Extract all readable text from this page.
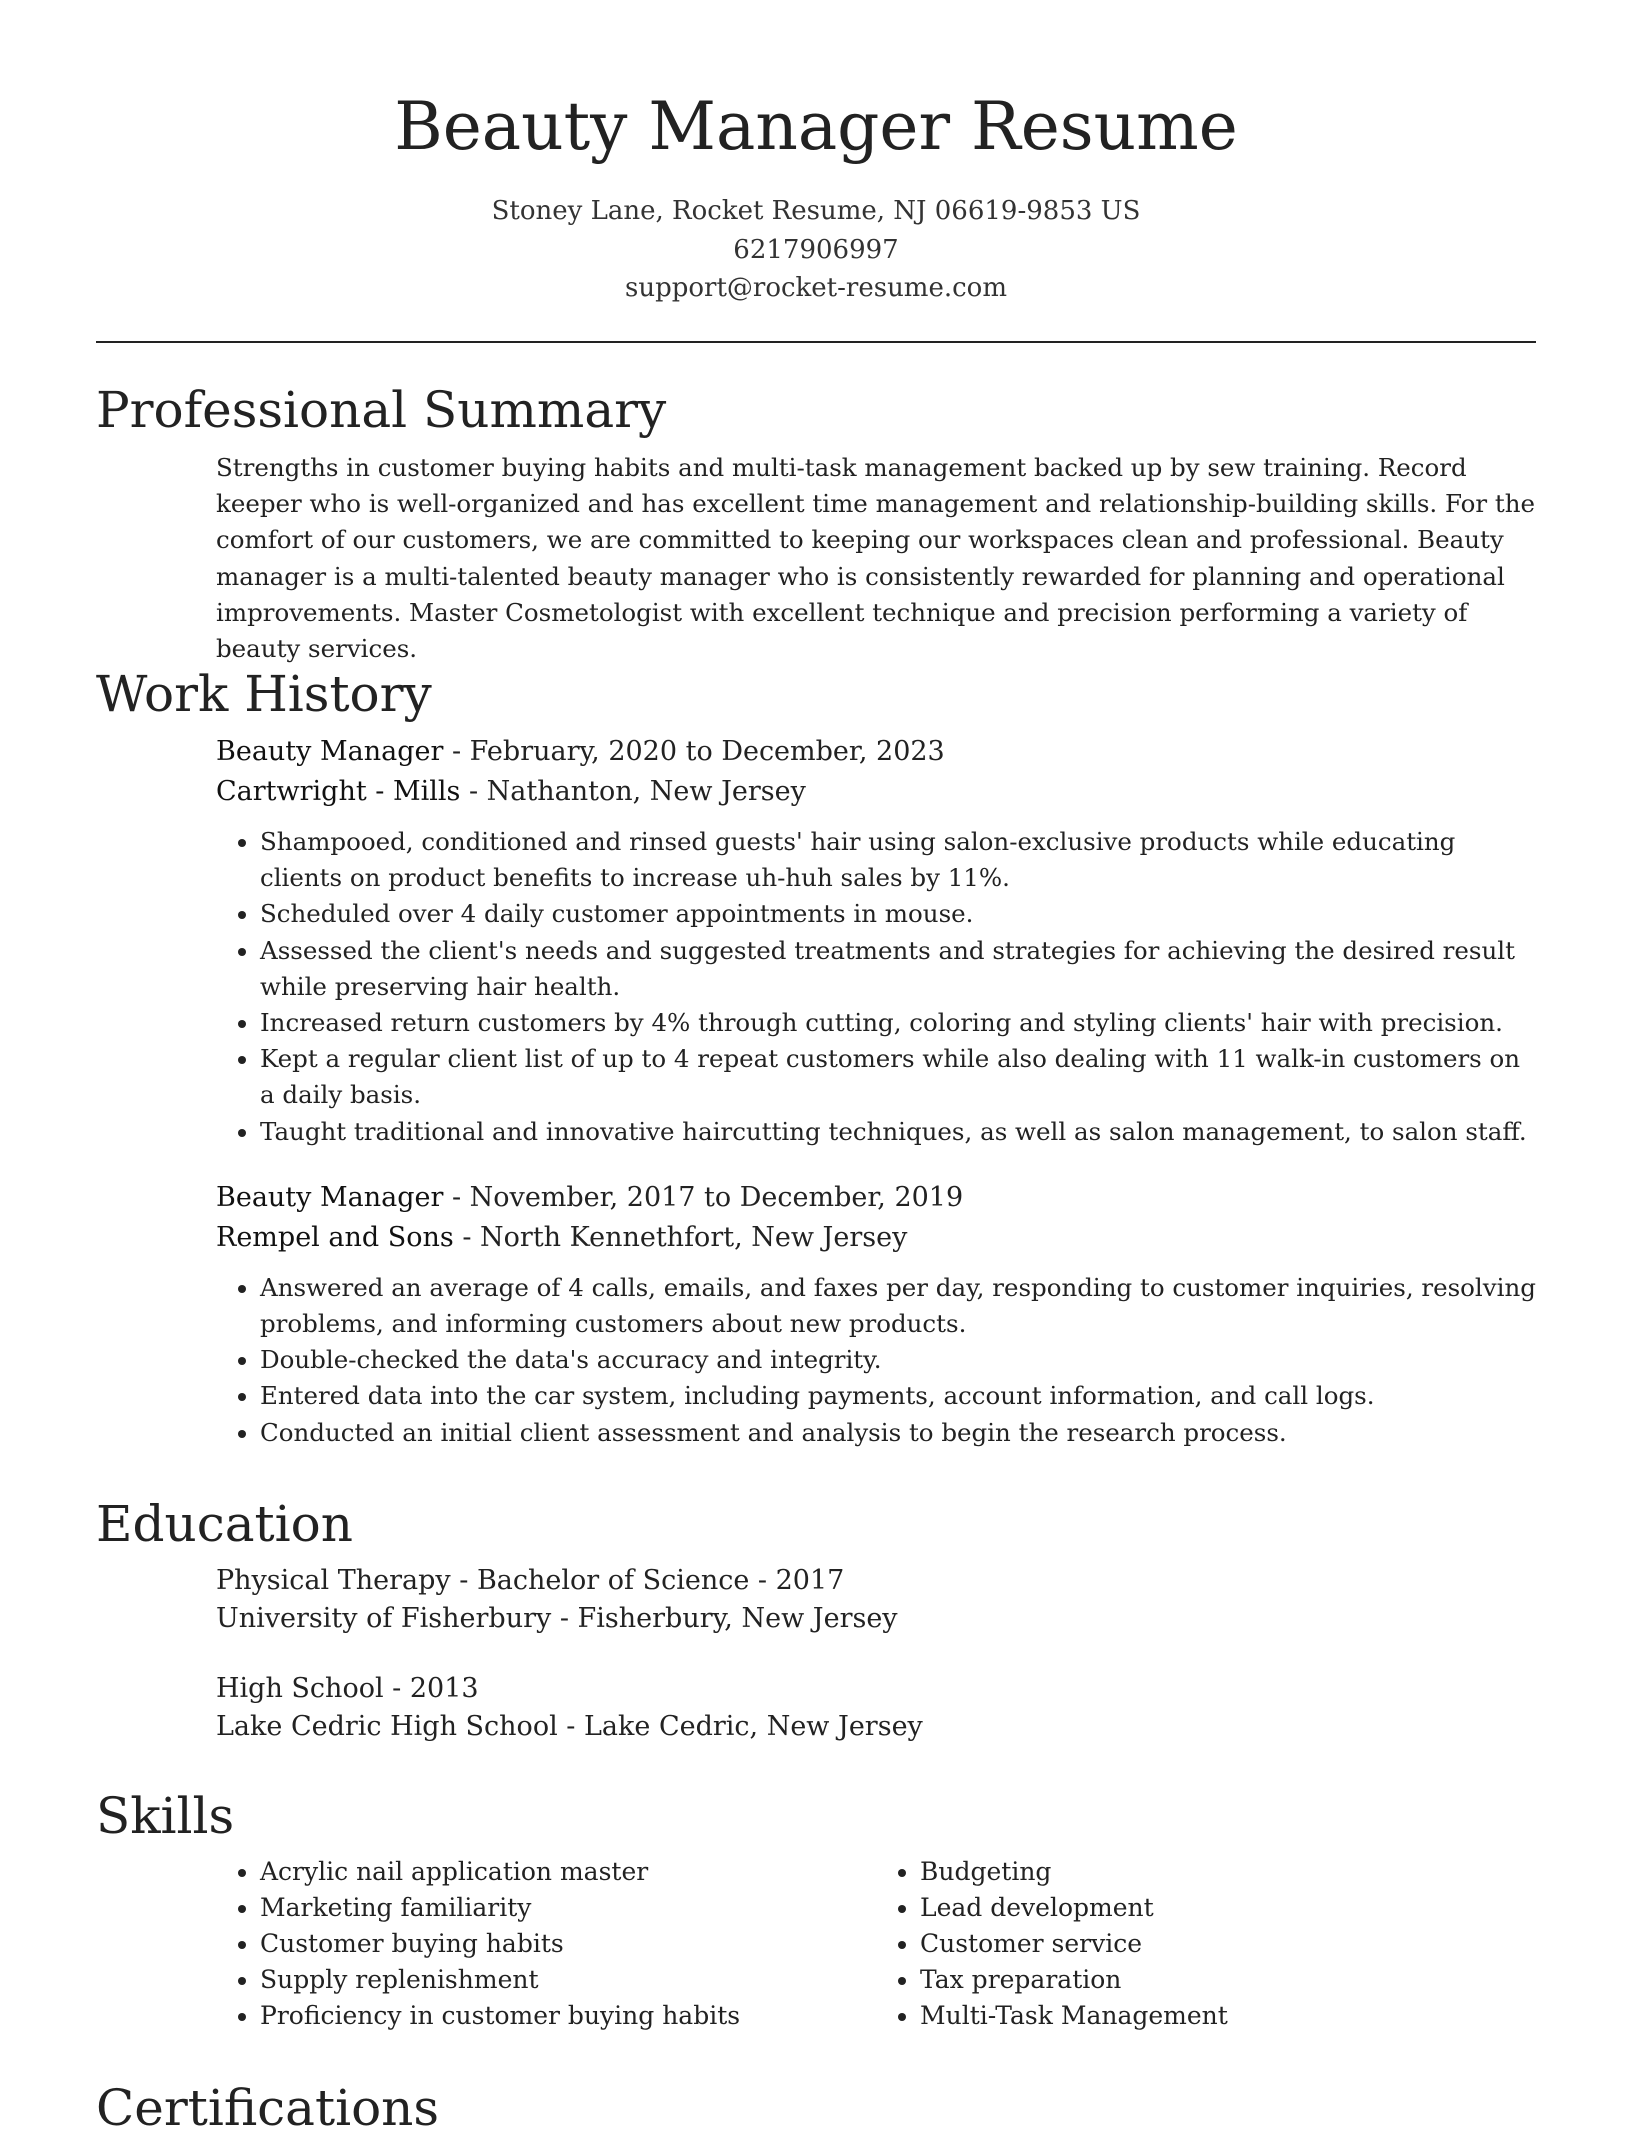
Beauty Manager Resume
Stoney Lane, Rocket Resume, NJ 06619-9853 US
6217906997
support@rocket-resume.com
Professional Summary

Strengths in customer buying habits and multi-task management backed up by sew training. Record keeper who is well-organized and has excellent time management and relationship-building skills. For the comfort of our customers, we are committed to keeping our workspaces clean and professional. Beauty manager is a multi-talented beauty manager who is consistently rewarded for planning and operational improvements. Master Cosmetologist with excellent technique and precision performing a variety of beauty services.

Work History

Beauty Manager - February, 2020 to December, 2023

Cartwright - Mills - Nathanton, New Jersey

• Shampooed, conditioned and rinsed guests' hair using salon-exclusive products while educating clients on product benefits to increase uh-huh sales by 11%.
• Scheduled over 4 daily customer appointments in mouse.
• Assessed the client's needs and suggested treatments and strategies for achieving the desired result while preserving hair health.
• Increased return customers by 4% through cutting, coloring and styling clients' hair with precision.
• Kept a regular client list of up to 4 repeat customers while also dealing with 11 walk-in customers on a daily basis.
• Taught traditional and innovative haircutting techniques, as well as salon management, to salon staff.

Beauty Manager - November, 2017 to December, 2019

Rempel and Sons - North Kennethfort, New Jersey

• Answered an average of 4 calls, emails, and faxes per day, responding to customer inquiries, resolving problems, and informing customers about new products.
• Double-checked the data's accuracy and integrity.
• Entered data into the car system, including payments, account information, and call logs.
• Conducted an initial client assessment and analysis to begin the research process.
Education

Physical Therapy - Bachelor of Science - 2017

University of Fisherbury - Fisherbury, New Jersey

High School - 2013

Lake Cedric High School - Lake Cedric, New Jersey

Skills
• Acrylic nail application master
• Marketing familiarity
• Customer buying habits
• Supply replenishment
• Proficiency in customer buying habits
• Budgeting
• Lead development
• Customer service
• Tax preparation
• Multi-Task Management
Certifications
